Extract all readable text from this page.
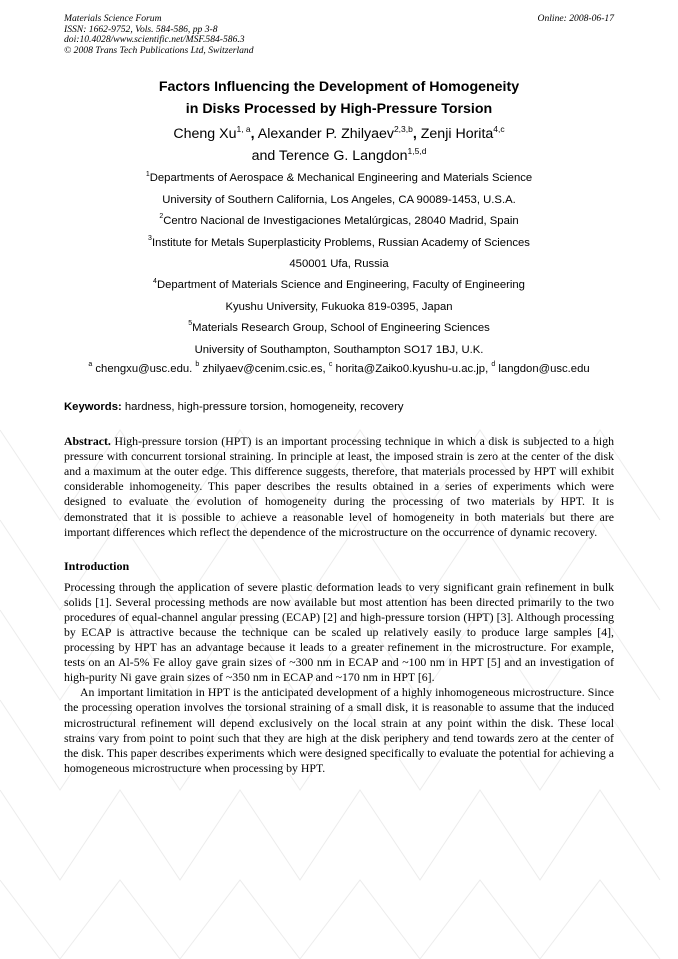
Materials Science Forum
ISSN: 1662-9752, Vols. 584-586, pp 3-8
doi:10.4028/www.scientific.net/MSF.584-586.3
© 2008 Trans Tech Publications Ltd, Switzerland
Online: 2008-06-17
Factors Influencing the Development of Homogeneity
in Disks Processed by High-Pressure Torsion
Cheng Xu$^{1, a}$, Alexander P. Zhilyaev$^{2,3,b}$, Zenji Horita$^{4,c}$
and Terence G. Langdon$^{1,5,d}$
$^1$Departments of Aerospace & Mechanical Engineering and Materials Science
University of Southern California, Los Angeles, CA 90089-1453, U.S.A.
$^2$Centro Nacional de Investigaciones Metalúrgicas, 28040 Madrid, Spain
$^3$Institute for Metals Superplasticity Problems, Russian Academy of Sciences
450001 Ufa, Russia
$^4$Department of Materials Science and Engineering, Faculty of Engineering
Kyushu University, Fukuoka 819-0395, Japan
$^5$Materials Research Group, School of Engineering Sciences
University of Southampton, Southampton SO17 1BJ, U.K.
$^a$ chengxu@usc.edu. $^b$ zhilyaev@cenim.csic.es, $^c$ horita@Zaiko0.kyushu-u.ac.jp, $^d$ langdon@usc.edu
Keywords: hardness, high-pressure torsion, homogeneity, recovery
Abstract. High-pressure torsion (HPT) is an important processing technique in which a disk is subjected to a high pressure with concurrent torsional straining. In principle at least, the imposed strain is zero at the center of the disk and a maximum at the outer edge. This difference suggests, therefore, that materials processed by HPT will exhibit considerable inhomogeneity. This paper describes the results obtained in a series of experiments which were designed to evaluate the evolution of homogeneity during the processing of two materials by HPT. It is demonstrated that it is possible to achieve a reasonable level of homogeneity in both materials but there are important differences which reflect the dependence of the microstructure on the occurrence of dynamic recovery.
Introduction
Processing through the application of severe plastic deformation leads to very significant grain refinement in bulk solids [1]. Several processing methods are now available but most attention has been directed primarily to the two procedures of equal-channel angular pressing (ECAP) [2] and high-pressure torsion (HPT) [3]. Although processing by ECAP is attractive because the technique can be scaled up relatively easily to produce large samples [4], processing by HPT has an advantage because it leads to a greater refinement in the microstructure. For example, tests on an Al-5% Fe alloy gave grain sizes of ~300 nm in ECAP and ~100 nm in HPT [5] and an investigation of high-purity Ni gave grain sizes of ~350 nm in ECAP and ~170 nm in HPT [6].
An important limitation in HPT is the anticipated development of a highly inhomogeneous microstructure. Since the processing operation involves the torsional straining of a small disk, it is reasonable to assume that the induced microstructural refinement will depend exclusively on the local strain at any point within the disk. These local strains vary from point to point such that they are high at the disk periphery and tend towards zero at the center of the disk. This paper describes experiments which were designed specifically to evaluate the potential for achieving a homogeneous microstructure when processing by HPT.
